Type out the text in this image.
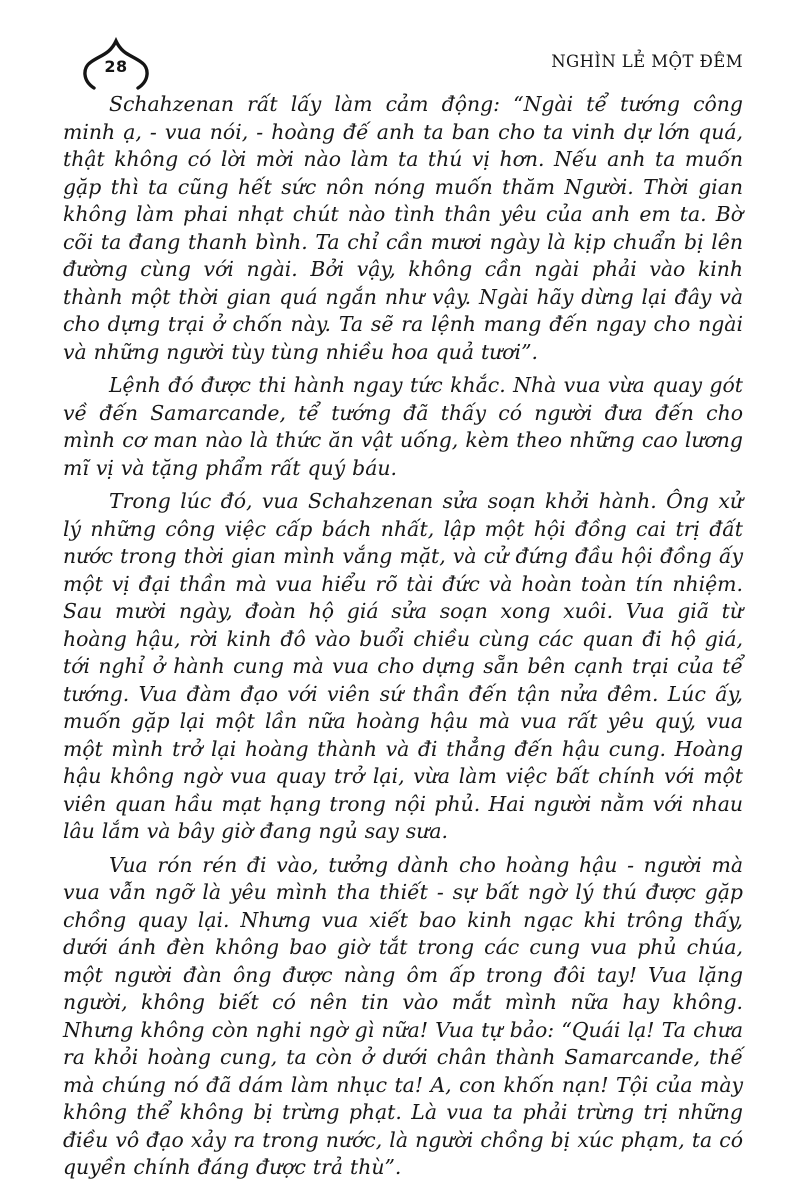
28	NGHÌN LẺ MỘT ĐÊM

Schahzenan rất lấy làm cảm động: “Ngài tể tướng công minh ạ, - vua nói, - hoàng đế anh ta ban cho ta vinh dự lớn quá, thật không có lời mời nào làm ta thú vị hơn. Nếu anh ta muốn gặp thì ta cũng hết sức nôn nóng muốn thăm Người. Thời gian không làm phai nhạt chút nào tình thân yêu của anh em ta. Bờ cõi ta đang thanh bình. Ta chỉ cần mươi ngày là kịp chuẩn bị lên đường cùng với ngài. Bởi vậy, không cần ngài phải vào kinh thành một thời gian quá ngắn như vậy. Ngài hãy dừng lại đây và cho dựng trại ở chốn này. Ta sẽ ra lệnh mang đến ngay cho ngài và những người tùy tùng nhiều hoa quả tươi”.

Lệnh đó được thi hành ngay tức khắc. Nhà vua vừa quay gót về đến Samarcande, tể tướng đã thấy có người đưa đến cho mình cơ man nào là thức ăn vật uống, kèm theo những cao lương mĩ vị và tặng phẩm rất quý báu.

Trong lúc đó, vua Schahzenan sửa soạn khởi hành. Ông xử lý những công việc cấp bách nhất, lập một hội đồng cai trị đất nước trong thời gian mình vắng mặt, và cử đứng đầu hội đồng ấy một vị đại thần mà vua hiểu rõ tài đức và hoàn toàn tín nhiệm. Sau mười ngày, đoàn hộ giá sửa soạn xong xuôi. Vua giã từ hoàng hậu, rời kinh đô vào buổi chiều cùng các quan đi hộ giá, tới nghỉ ở hành cung mà vua cho dựng sẵn bên cạnh trại của tể tướng. Vua đàm đạo với viên sứ thần đến tận nửa đêm. Lúc ấy, muốn gặp lại một lần nữa hoàng hậu mà vua rất yêu quý, vua một mình trở lại hoàng thành và đi thẳng đến hậu cung. Hoàng hậu không ngờ vua quay trở lại, vừa làm việc bất chính với một viên quan hầu mạt hạng trong nội phủ. Hai người nằm với nhau lâu lắm và bây giờ đang ngủ say sưa.

Vua rón rén đi vào, tưởng dành cho hoàng hậu - người mà vua vẫn ngỡ là yêu mình tha thiết - sự bất ngờ lý thú được gặp chồng quay lại. Nhưng vua xiết bao kinh ngạc khi trông thấy, dưới ánh đèn không bao giờ tắt trong các cung vua phủ chúa, một người đàn ông được nàng ôm ấp trong đôi tay! Vua lặng người, không biết có nên tin vào mắt mình nữa hay không. Nhưng không còn nghi ngờ gì nữa! Vua tự bảo: “Quái lạ! Ta chưa ra khỏi hoàng cung, ta còn ở dưới chân thành Samarcande, thế mà chúng nó đã dám làm nhục ta! A, con khốn nạn! Tội của mày không thể không bị trừng phạt. Là vua ta phải trừng trị những điều vô đạo xảy ra trong nước, là người chồng bị xúc phạm, ta có quyền chính đáng được trả thù”.
